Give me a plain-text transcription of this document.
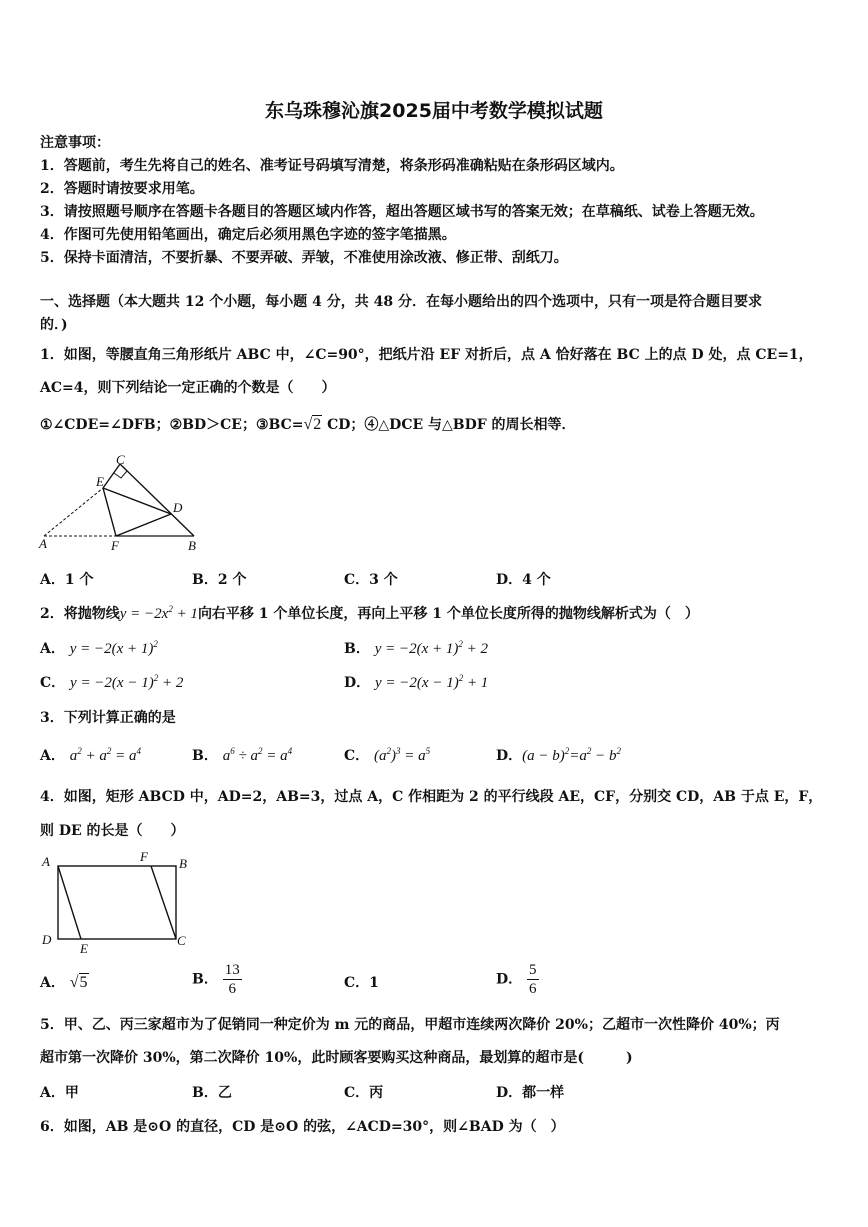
东乌珠穆沁旗2025届中考数学模拟试题
注意事项：
1．答题前，考生先将自己的姓名、准考证号码填写清楚，将条形码准确粘贴在条形码区域内。
2．答题时请按要求用笔。
3．请按照题号顺序在答题卡各题目的答题区域内作答，超出答题区域书写的答案无效；在草稿纸、试卷上答题无效。
4．作图可先使用铅笔画出，确定后必须用黑色字迹的签字笔描黑。
5．保持卡面清洁，不要折暴、不要弄破、弄皱，不准使用涂改液、修正带、刮纸刀。
一、选择题（本大题共 12 个小题，每小题 4 分，共 48 分．在每小题给出的四个选项中，只有一项是符合题目要求
的．)
1．如图，等腰直角三角形纸片 ABC 中，∠C=90°，把纸片沿 EF 对折后，点 A 恰好落在 BC 上的点 D 处，点 CE=1，
AC=4，则下列结论一定正确的个数是（　　）
①∠CDE=∠DFB；②BD＞CE；③BC=√2 CD；④△DCE 与△BDF 的周长相等．
C
E
D
A	F	B
A．1 个	B．2 个	C．3 个	D．4 个
2．将抛物线$y = -2x^2 + 1$向右平移 1 个单位长度，再向上平移 1 个单位长度所得的抛物线解析式为（　）
A． $y = -2(x + 1)^2$	B． $y = -2(x + 1)^2 + 2$
C． $y = -2(x - 1)^2 + 2$	D． $y = -2(x - 1)^2 + 1$
3．下列计算正确的是
A． $a^2 + a^2 = a^4$	B． $a^6 \div a^2 = a^4$	C． $(a^2)^3 = a^5$	D．$(a - b)^2=a^2 - b^2$
4．如图，矩形 ABCD 中，AD=2，AB=3，过点 A，C 作相距为 2 的平行线段 AE，CF，分别交 CD，AB 于点 E，F，
则 DE 的长是（　　）
A	F B
D
E
C
A． √5	B． $\frac{13}{6}$	C．1	D． $\frac{5}{6}$
5．甲、乙、丙三家超市为了促销同一种定价为 m 元的商品，甲超市连续两次降价 20%；乙超市一次性降价 40%；丙
超市第一次降价 30%，第二次降价 10%，此时顾客要购买这种商品，最划算的超市是(　　　)
A．甲	B．乙	C．丙	D．都一样
6．如图，AB 是⊙O 的直径，CD 是⊙O 的弦，∠ACD=30°，则∠BAD 为（　）
